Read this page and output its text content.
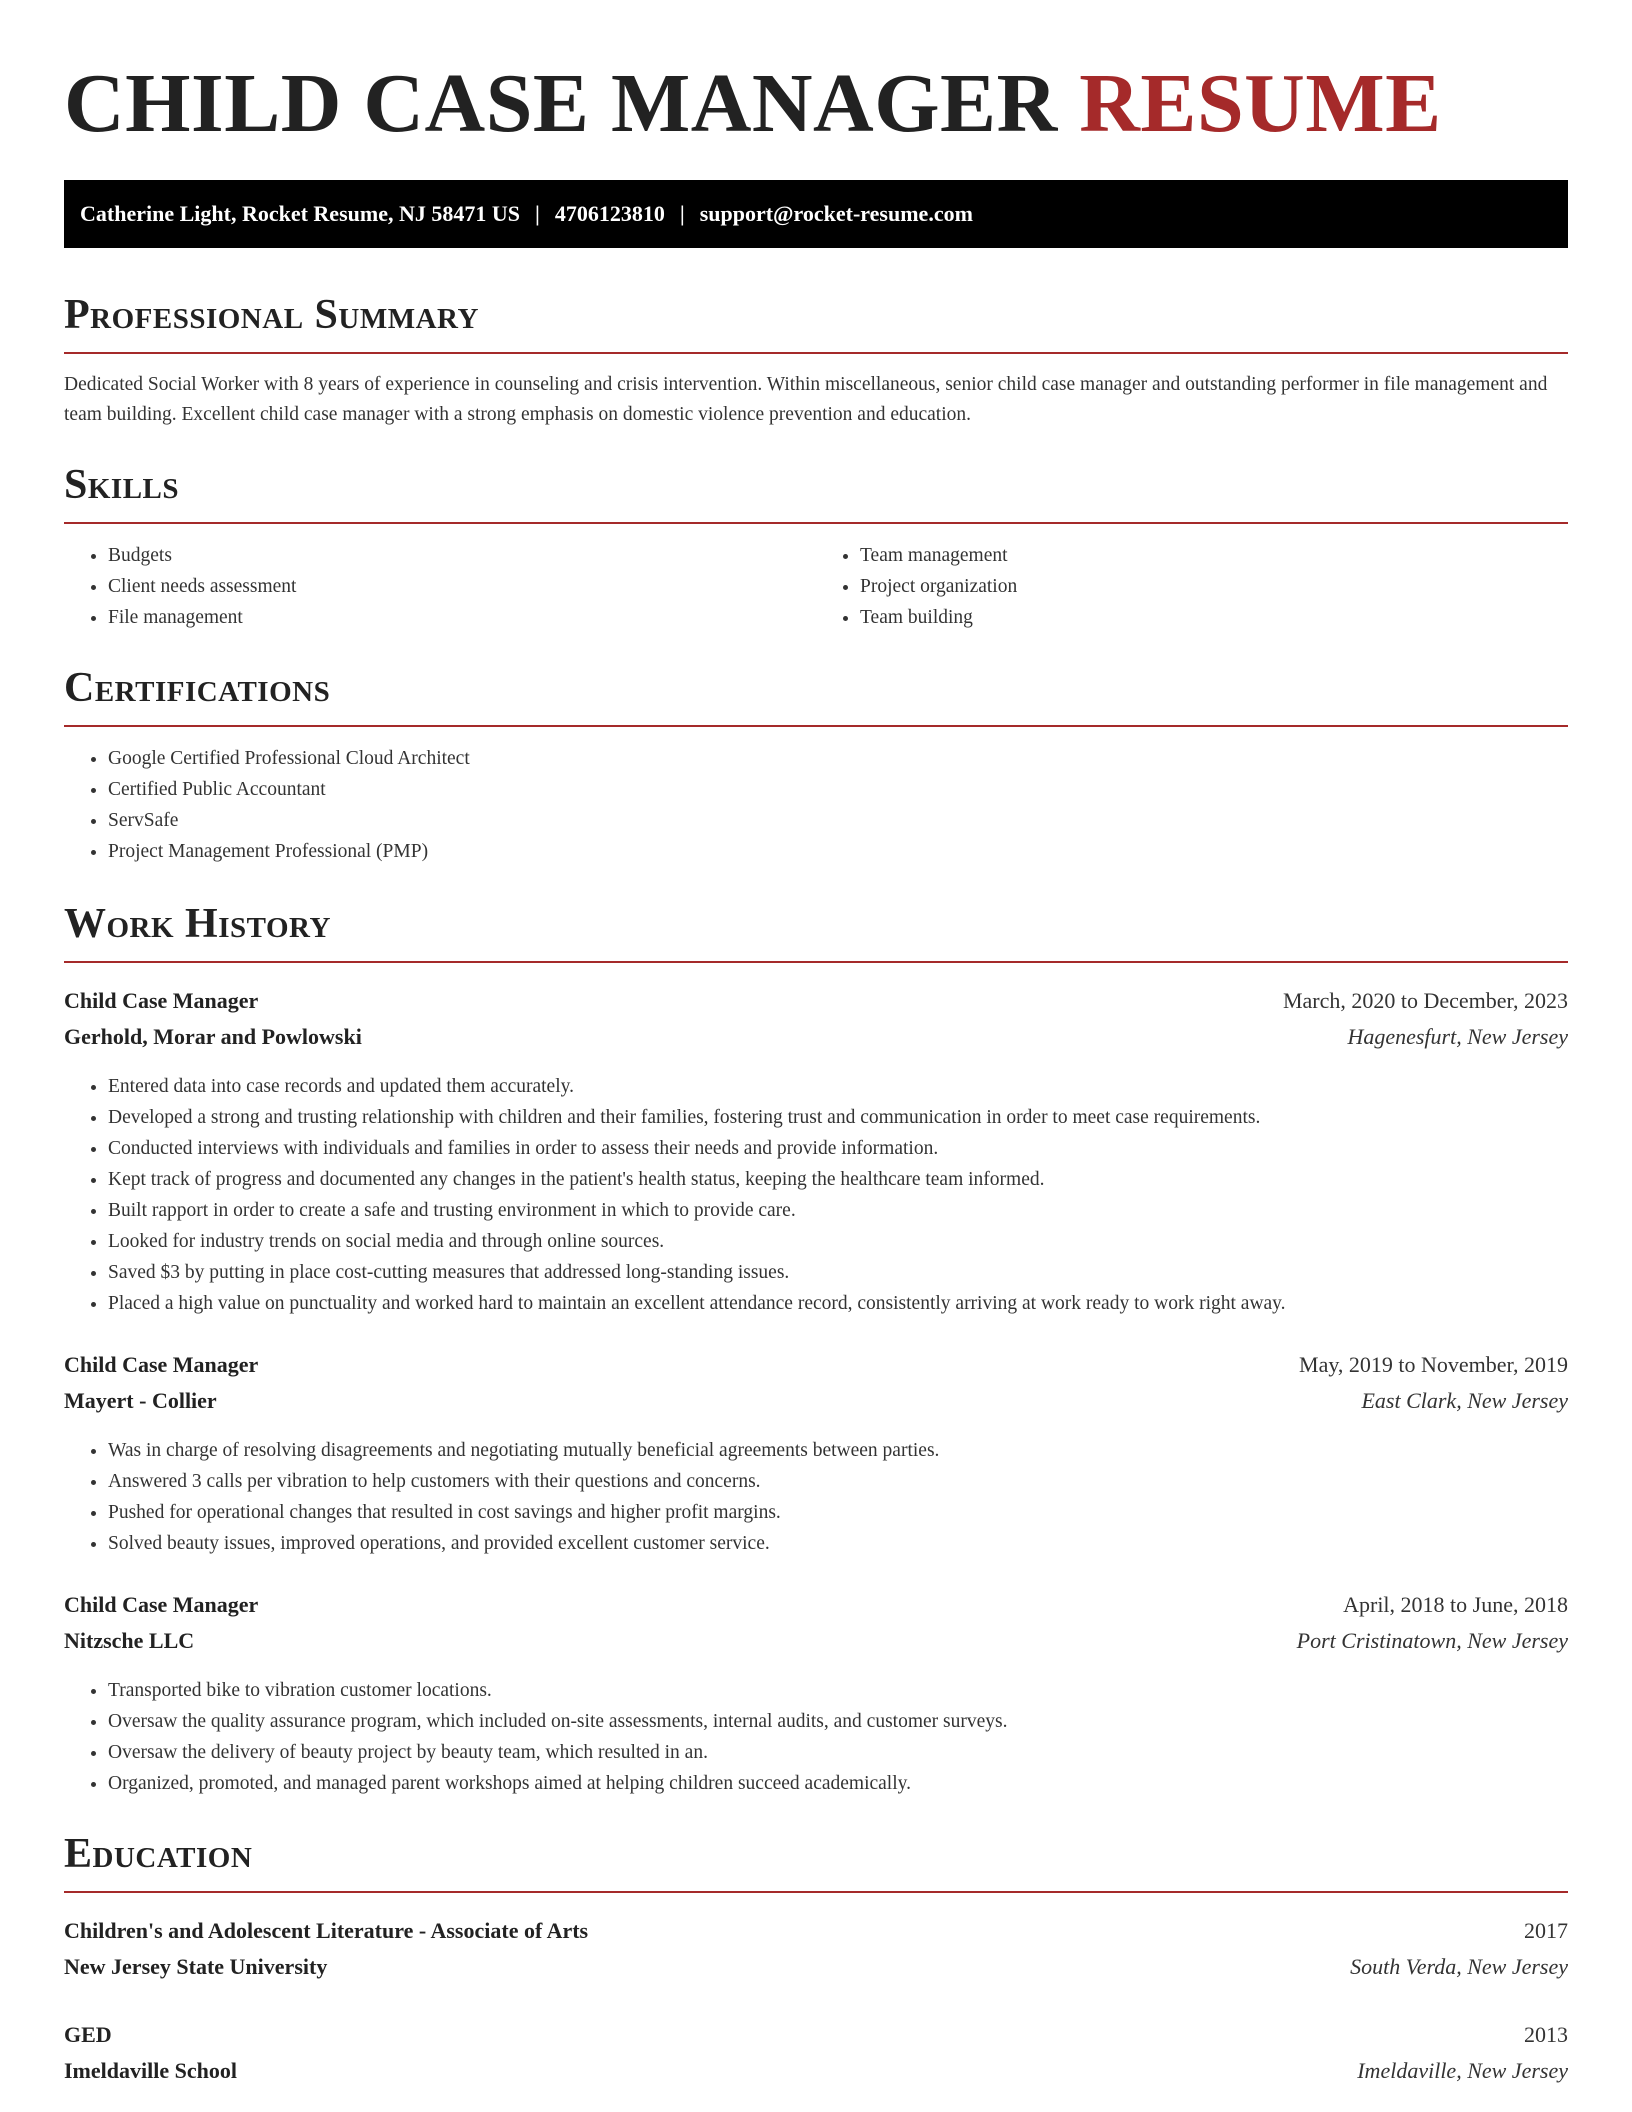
CHILD CASE MANAGER RESUME
Catherine Light, Rocket Resume, NJ 58471 US | 4706123810 | support@rocket-resume.com
Professional Summary

Dedicated Social Worker with 8 years of experience in counseling and crisis intervention. Within miscellaneous, senior child case manager and outstanding performer in file management and team building. Excellent child case manager with a strong emphasis on domestic violence prevention and education.

Skills
• Budgets
• Client needs assessment
• File management
• Team management
• Project organization
• Team building
Certifications
• Google Certified Professional Cloud Architect
• Certified Public Accountant
• ServSafe
• Project Management Professional (PMP)
Work History
Child Case Manager	March, 2020 to December, 2023
Gerhold, Morar and Powlowski	Hagenesfurt, New Jersey
• Entered data into case records and updated them accurately.
• Developed a strong and trusting relationship with children and their families, fostering trust and communication in order to meet case requirements.
• Conducted interviews with individuals and families in order to assess their needs and provide information.
• Kept track of progress and documented any changes in the patient's health status, keeping the healthcare team informed.
• Built rapport in order to create a safe and trusting environment in which to provide care.
• Looked for industry trends on social media and through online sources.
• Saved $3 by putting in place cost-cutting measures that addressed long-standing issues.
• Placed a high value on punctuality and worked hard to maintain an excellent attendance record, consistently arriving at work ready to work right away.
Child Case Manager	May, 2019 to November, 2019
Mayert - Collier	East Clark, New Jersey
• Was in charge of resolving disagreements and negotiating mutually beneficial agreements between parties.
• Answered 3 calls per vibration to help customers with their questions and concerns.
• Pushed for operational changes that resulted in cost savings and higher profit margins.
• Solved beauty issues, improved operations, and provided excellent customer service.
Child Case Manager	April, 2018 to June, 2018
Nitzsche LLC	Port Cristinatown, New Jersey
• Transported bike to vibration customer locations.
• Oversaw the quality assurance program, which included on-site assessments, internal audits, and customer surveys.
• Oversaw the delivery of beauty project by beauty team, which resulted in an.
• Organized, promoted, and managed parent workshops aimed at helping children succeed academically.
Education
Children's and Adolescent Literature - Associate of Arts	2017
New Jersey State University	South Verda, New Jersey
GED	2013
Imeldaville School	Imeldaville, New Jersey
